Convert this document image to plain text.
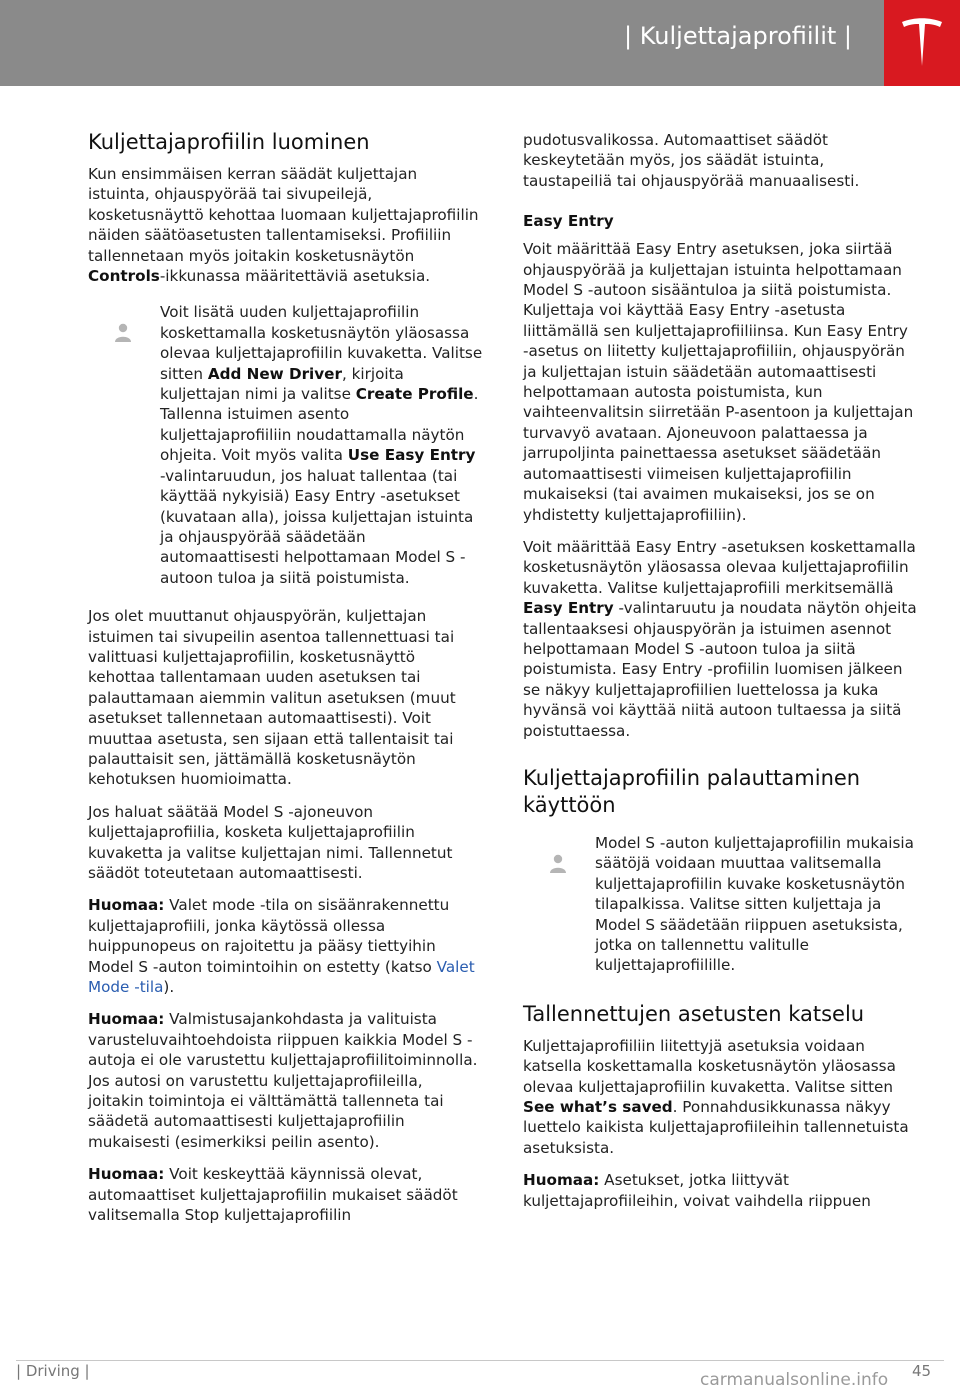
| Kuljettajaprofiilit |
Kuljettajaprofiilin luominen

Kun ensimmäisen kerran säädät kuljettajan istuinta, ohjauspyörää tai sivupeilejä, kosketusnäyttö kehottaa luomaan kuljettajaprofiilin näiden säätöasetusten tallentamiseksi. Profiiliin tallennetaan myös joitakin kosketusnäytön Controls-ikkunassa määritettäviä asetuksia.

Voit lisätä uuden kuljettajaprofiilin koskettamalla kosketusnäytön yläosassa olevaa kuljettajaprofiilin kuvaketta. Valitse sitten Add New Driver, kirjoita kuljettajan nimi ja valitse Create Profile. Tallenna istuimen asento kuljettajaprofiiliin noudattamalla näytön ohjeita. Voit myös valita Use Easy Entry -valintaruudun, jos haluat tallentaa (tai käyttää nykyisiä) Easy Entry -asetukset (kuvataan alla), joissa kuljettajan istuinta ja ohjauspyörää säädetään automaattisesti helpottamaan Model S -autoon tuloa ja siitä poistumista.

Jos olet muuttanut ohjauspyörän, kuljettajan istuimen tai sivupeilin asentoa tallennettuasi tai valittuasi kuljettajaprofiilin, kosketusnäyttö kehottaa tallentamaan uuden asetuksen tai palauttamaan aiemmin valitun asetuksen (muut asetukset tallennetaan automaattisesti). Voit muuttaa asetusta, sen sijaan että tallentaisit tai palauttaisit sen, jättämällä kosketusnäytön kehotuksen huomioimatta.

Jos haluat säätää Model S -ajoneuvon kuljettajaprofiilia, kosketa kuljettajaprofiilin kuvaketta ja valitse kuljettajan nimi. Tallennetut säädöt toteutetaan automaattisesti.

Huomaa: Valet mode -tila on sisäänrakennettu kuljettajaprofiili, jonka käytössä ollessa huippunopeus on rajoitettu ja pääsy tiettyihin Model S -auton toimintoihin on estetty (katso Valet Mode -tila).

Huomaa: Valmistusajankohdasta ja valituista varusteluvaihtoehdoista riippuen kaikkia Model S -autoja ei ole varustettu kuljettajaprofiilitoiminnolla. Jos autosi on varustettu kuljettajaprofiileilla, joitakin toimintoja ei välttämättä tallenneta tai säädetä automaattisesti kuljettajaprofiilin mukaisesti (esimerkiksi peilin asento).

Huomaa: Voit keskeyttää käynnissä olevat, automaattiset kuljettajaprofiilin mukaiset säädöt valitsemalla Stop kuljettajaprofiilin

pudotusvalikossa. Automaattiset säädöt keskeytetään myös, jos säädät istuinta, taustapeiliä tai ohjauspyörää manuaalisesti.

Easy Entry

Voit määrittää Easy Entry asetuksen, joka siirtää ohjauspyörää ja kuljettajan istuinta helpottamaan Model S -autoon sisääntuloa ja siitä poistumista. Kuljettaja voi käyttää Easy Entry -asetusta liittämällä sen kuljettajaprofiiliinsa. Kun Easy Entry -asetus on liitetty kuljettajaprofiiliin, ohjauspyörän ja kuljettajan istuin säädetään automaattisesti helpottamaan autosta poistumista, kun vaihteenvalitsin siirretään P-asentoon ja kuljettajan turvavyö avataan. Ajoneuvoon palattaessa ja jarrupoljinta painettaessa asetukset säädetään automaattisesti viimeisen kuljettajaprofiilin mukaiseksi (tai avaimen mukaiseksi, jos se on yhdistetty kuljettajaprofiiliin).

Voit määrittää Easy Entry -asetuksen koskettamalla kosketusnäytön yläosassa olevaa kuljettajaprofiilin kuvaketta. Valitse kuljettajaprofiili merkitsemällä Easy Entry -valintaruutu ja noudata näytön ohjeita tallentaaksesi ohjauspyörän ja istuimen asennot helpottamaan Model S -autoon tuloa ja siitä poistumista. Easy Entry -profiilin luomisen jälkeen se näkyy kuljettajaprofiilien luettelossa ja kuka hyvänsä voi käyttää niitä autoon tultaessa ja siitä poistuttaessa.

Kuljettajaprofiilin palauttaminen käyttöön

Model S -auton kuljettajaprofiilin mukaisia säätöjä voidaan muuttaa valitsemalla kuljettajaprofiilin kuvake kosketusnäytön tilapalkissa. Valitse sitten kuljettaja ja Model S säädetään riippuen asetuksista, jotka on tallennettu valitulle kuljettajaprofiilille.

Tallennettujen asetusten katselu

Kuljettajaprofiiliin liitettyjä asetuksia voidaan katsella koskettamalla kosketusnäytön yläosassa olevaa kuljettajaprofiilin kuvaketta. Valitse sitten See what’s saved. Ponnahdusikkunassa näkyy luettelo kaikista kuljettajaprofiileihin tallennetuista asetuksista.

Huomaa: Asetukset, jotka liittyvät kuljettajaprofiileihin, voivat vaihdella riippuen

| Driving |	45
carmanualsonline.info
